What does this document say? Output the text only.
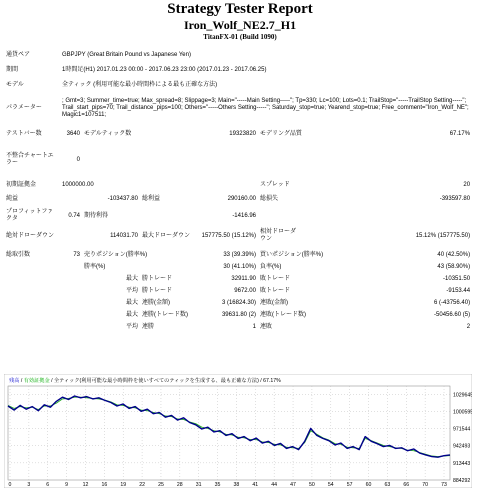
Strategy Tester Report
Iron_Wolf_NE2.7_H1
TitanFX-01 (Build 1090)
通貨ペア	GBPJPY (Great Britain Pound vs Japanese Yen)						
期間	1時間足(H1) 2017.01.23 00:00 - 2017.06.23 23:00 (2017.01.23 - 2017.06.25)						
モデル	全ティック (利用可能な最小時間枠による最も正確な方法)						
パラメーター	; Gmt=3; Summer_time=true; Max_spread=8; Slippage=3; Main="-----Main Setting-----"; Tp=330; Lc=100; Lots=0.1; TrailStop="-----TrailStop Setting-----"; Trail_start_pips=70; Trail_distance_pips=100; Others="-----Others Setting-----"; Saturday_stop=true; Yearend_stop=true; Free_comment="Iron_Wolf_NE"; Magic1=107511;						
テストバー数	3640	モデルティック数		19323820	モデリング品質		67.17%
不整合チャートエラー	0						

初期証拠金	1000000.00				スプレッド		20
純益	-103437.80		総利益	290160.00	総損失	-393597.80	
プロフィットファクタ	0.74	期待利得	-1416.96				
絶対ドローダウン	114031.70		最大ドローダウン	157775.50 (15.12%)	相対ドローダウン	15.12% (157775.50)	

総取引数	73	売りポジション(勝率%)		33 (39.39%)	買いポジション(勝率%)		40 (42.50%)
		勝率(%)		30 (41.10%)	負率(%)		43 (58.90%)
		最大	勝トレード	32911.90	敗トレード		-10351.50
		平均	勝トレード	9672.00	敗トレード		-9153.44
		最大	連勝(金額)	3 (16824.30)	連敗(金額)		6 (-43756.40)
		最大	連勝(トレード数)	39631.80 (2)	連敗(トレード数)		-50456.60 (5)
		平均	連勝	1	連敗		2
1029645
1000595
971544
942493
913443
884292
0	3	6	9	12	16	19	22	25	28	31	35	38	41	44	47	50	54	57	60	63	66	70	73
残高 / 有効証拠金 / 全ティック(利用可能な最小時間枠を使いすべてのティックを生成する、最も正確な方法) / 67.17%
